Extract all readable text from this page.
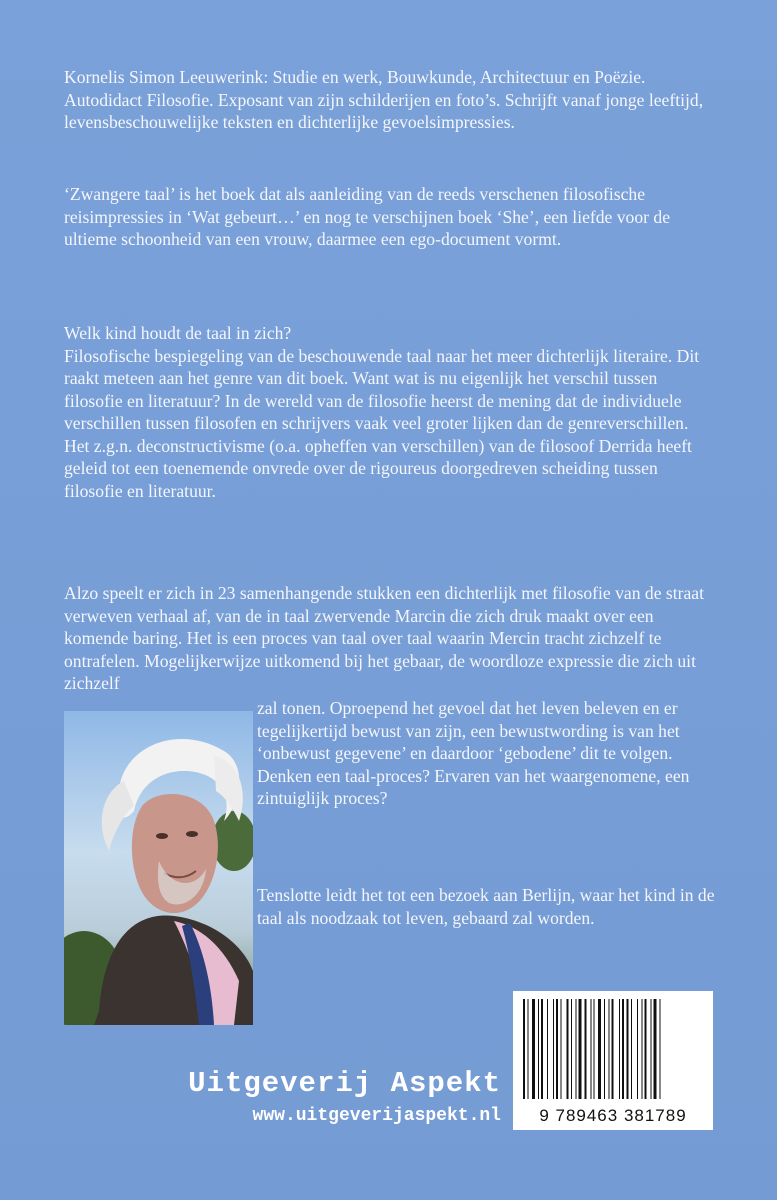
Kornelis Simon Leeuwerink: Studie en werk, Bouwkunde, Architectuur en Poëzie. Autodidact Filosofie. Exposant van zijn schilderijen en foto’s. Schrijft vanaf jonge leeftijd, levensbeschouwelijke teksten en dichterlijke gevoelsimpressies.

‘Zwangere taal’ is het boek dat als aanleiding van de reeds verschenen filosofische reisimpressies in ‘Wat gebeurt…’ en nog te verschijnen boek ‘She’, een liefde voor de ultieme schoonheid van een vrouw, daarmee een ego-document vormt.

Welk kind houdt de taal in zich?

Filosofische bespiegeling van de beschouwende taal naar het meer dichterlijk literaire. Dit raakt meteen aan het genre van dit boek. Want wat is nu eigenlijk het verschil tussen filosofie en literatuur? In de wereld van de filosofie heerst de mening dat de individuele verschillen tussen filosofen en schrijvers vaak veel groter lijken dan de genreverschillen. Het z.g.n. deconstructivisme (o.a. opheffen van verschillen) van de filosoof Derrida heeft geleid tot een toenemende onvrede over de rigoureus doorgedreven scheiding tussen filosofie en literatuur.

Alzo speelt er zich in 23 samenhangende stukken een dichterlijk met filosofie van de straat verweven verhaal af, van de in taal zwervende Marcin die zich druk maakt over een komende baring. Het is een proces van taal over taal waarin Mercin tracht zichzelf te ontrafelen. Mogelijkerwijze uitkomend bij het gebaar, de woordloze expressie die zich uit zichzelf

zal tonen. Oproepend het gevoel dat het leven beleven en er tegelijkertijd bewust van zijn, een bewustwording is van het ‘onbewust gegevene’ en daardoor ‘gebodene’ dit te volgen. Denken een taal-proces? Ervaren van het waargenomene, een zintuiglijk proces?

Tenslotte leidt het tot een bezoek aan Berlijn, waar het kind in de taal als noodzaak tot leven, gebaard zal worden.

Uitgeverij Aspekt
www.uitgeverijaspekt.nl	9 789463 381789
